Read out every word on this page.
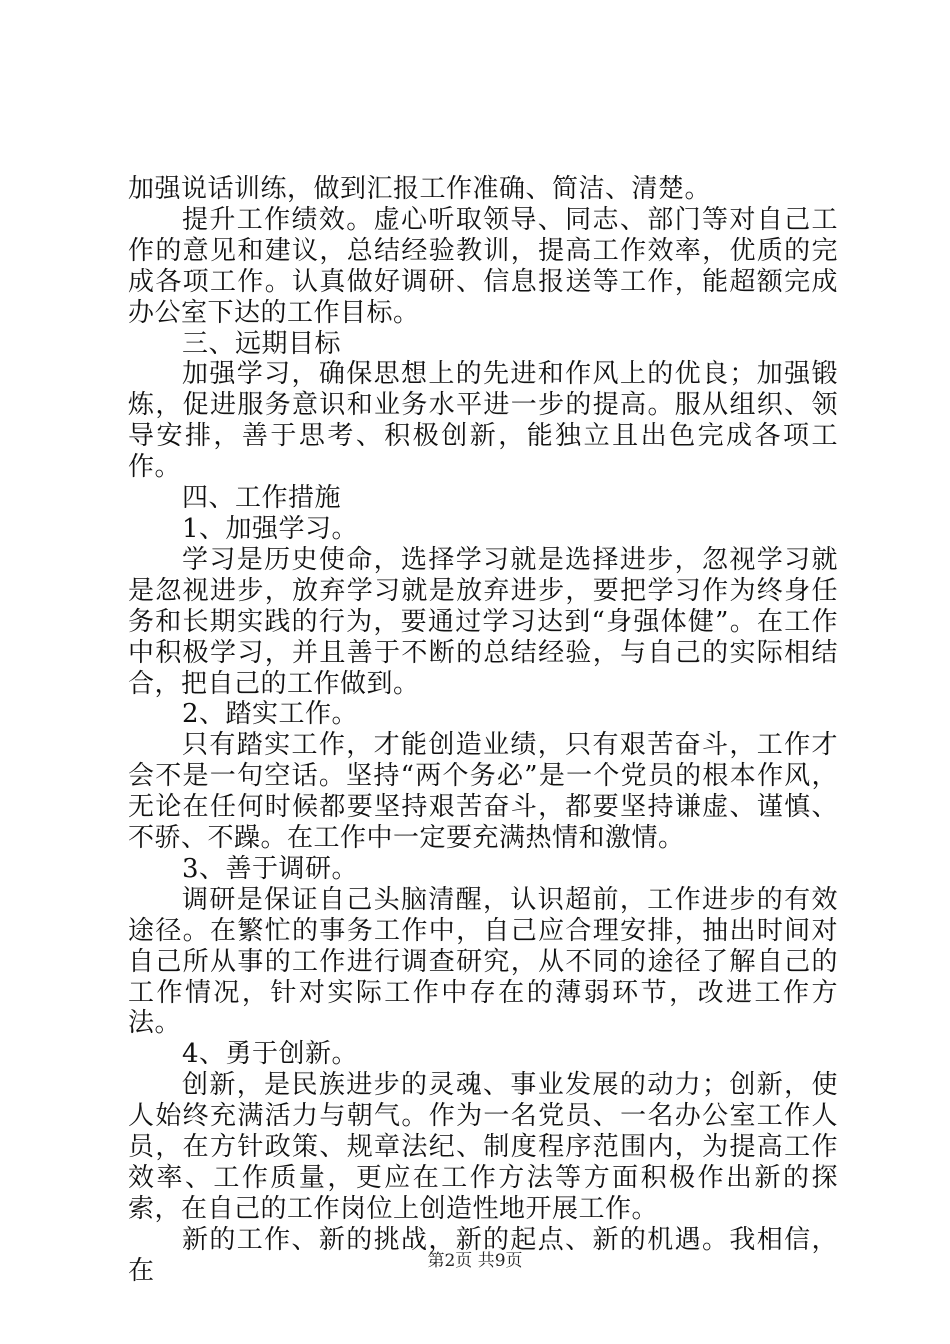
加强说话训练，做到汇报工作准确、简洁、清楚。

提升工作绩效。虚心听取领导、同志、部门等对自己工作的意见和建议，总结经验教训，提高工作效率，优质的完成各项工作。认真做好调研、信息报送等工作，能超额完成办公室下达的工作目标。

三、远期目标

加强学习，确保思想上的先进和作风上的优良；加强锻炼，促进服务意识和业务水平进一步的提高。服从组织、领导安排，善于思考、积极创新，能独立且出色完成各项工作。

四、工作措施

1、加强学习。

学习是历史使命，选择学习就是选择进步，忽视学习就是忽视进步，放弃学习就是放弃进步，要把学习作为终身任务和长期实践的行为，要通过学习达到“身强体健”。在工作中积极学习，并且善于不断的总结经验，与自己的实际相结合，把自己的工作做到。

2、踏实工作。

只有踏实工作，才能创造业绩，只有艰苦奋斗，工作才会不是一句空话。坚持“两个务必”是一个党员的根本作风，无论在任何时候都要坚持艰苦奋斗，都要坚持谦虚、谨慎、不骄、不躁。在工作中一定要充满热情和激情。

3、善于调研。

调研是保证自己头脑清醒，认识超前，工作进步的有效途径。在繁忙的事务工作中，自己应合理安排，抽出时间对自己所从事的工作进行调查研究，从不同的途径了解自己的工作情况，针对实际工作中存在的薄弱环节，改进工作方法。

4、勇于创新。

创新，是民族进步的灵魂、事业发展的动力；创新，使人始终充满活力与朝气。作为一名党员、一名办公室工作人员，在方针政策、规章法纪、制度程序范围内，为提高工作效率、工作质量，更应在工作方法等方面积极作出新的探索，在自己的工作岗位上创造性地开展工作。

新的工作、新的挑战，新的起点、新的机遇。我相信，在	第2页 共9页
